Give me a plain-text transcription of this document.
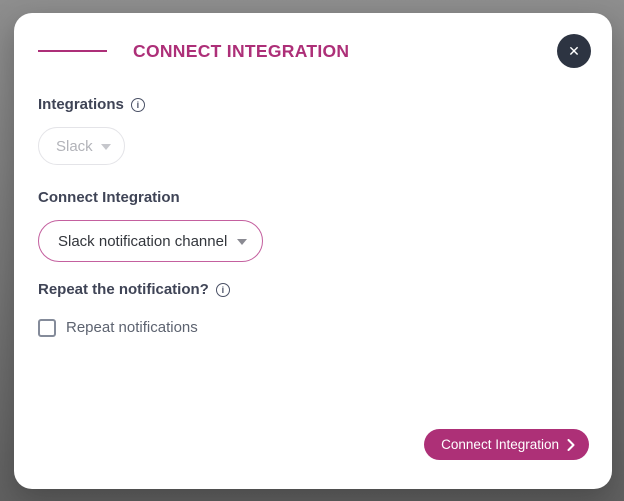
CONNECT INTEGRATION	✕
Integrations i
Slack
Connect Integration
Slack notification channel
Repeat the notification? i
Repeat notifications
Connect Integration
